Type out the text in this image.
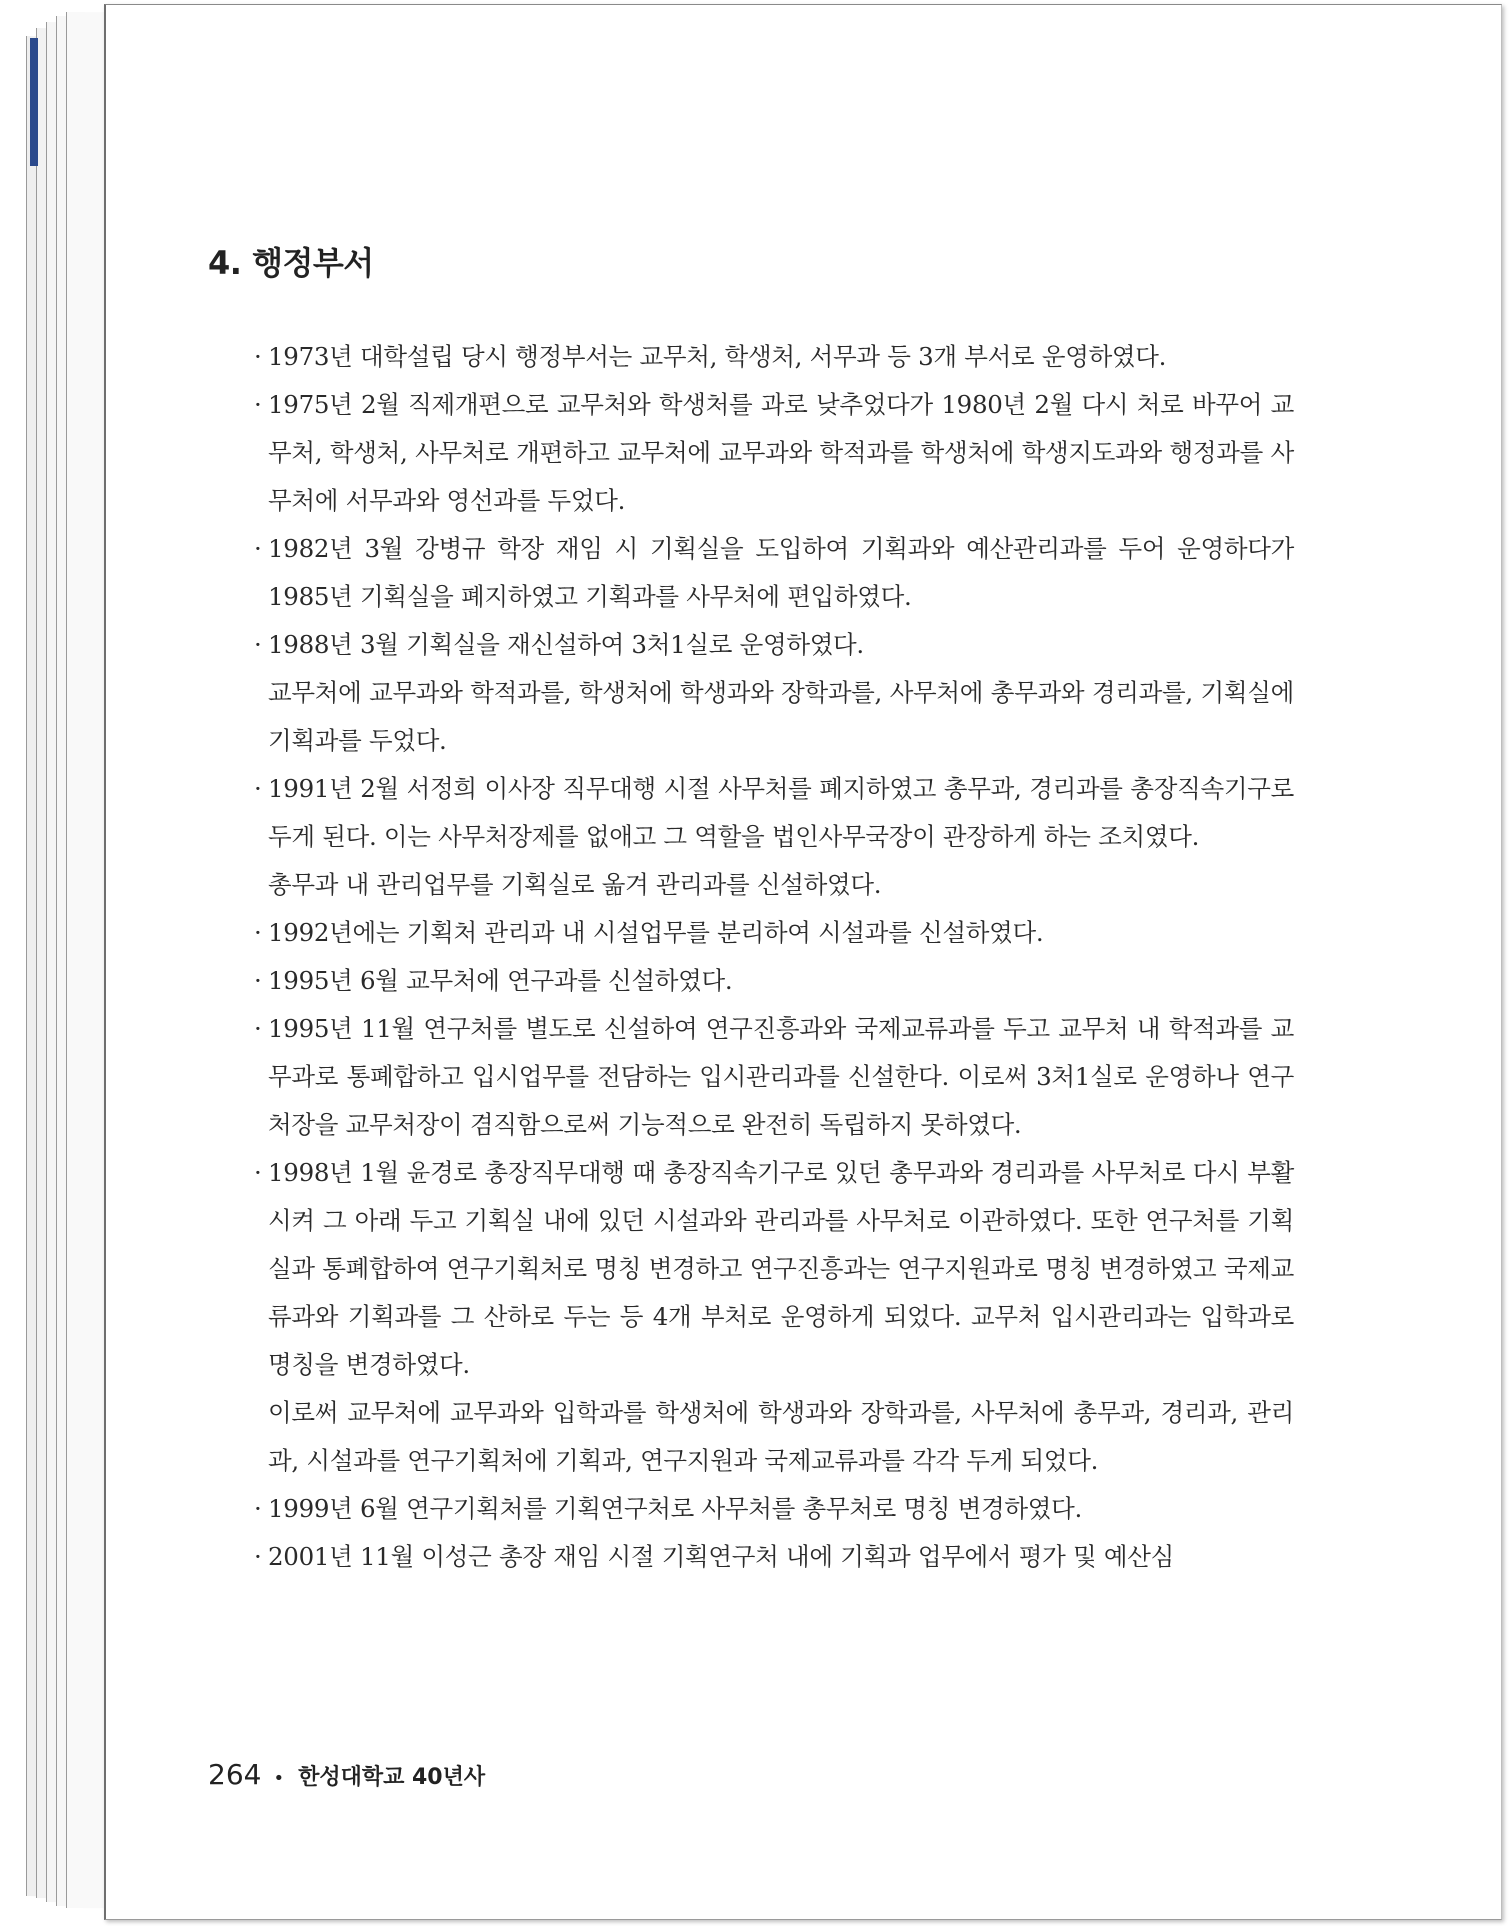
4. 행정부서

· 1973년 대학설립 당시 행정부서는 교무처, 학생처, 서무과 등 3개 부서로 운영하였다.

· 1975년 2월 직제개편으로 교무처와 학생처를 과로 낮추었다가 1980년 2월 다시 처로 바꾸어 교무처, 학생처, 사무처로 개편하고 교무처에 교무과와 학적과를 학생처에 학생지도과와 행정과를 사무처에 서무과와 영선과를 두었다.

· 1982년 3월 강병규 학장 재임 시 기획실을 도입하여 기획과와 예산관리과를 두어 운영하다가 1985년 기획실을 폐지하였고 기획과를 사무처에 편입하였다.

· 1988년 3월 기획실을 재신설하여 3처1실로 운영하였다.

교무처에 교무과와 학적과를, 학생처에 학생과와 장학과를, 사무처에 총무과와 경리과를, 기획실에 기획과를 두었다.

· 1991년 2월 서정희 이사장 직무대행 시절 사무처를 폐지하였고 총무과, 경리과를 총장직속기구로 두게 된다. 이는 사무처장제를 없애고 그 역할을 법인사무국장이 관장하게 하는 조치였다.

총무과 내 관리업무를 기획실로 옮겨 관리과를 신설하였다.

· 1992년에는 기획처 관리과 내 시설업무를 분리하여 시설과를 신설하였다.

· 1995년 6월 교무처에 연구과를 신설하였다.

· 1995년 11월 연구처를 별도로 신설하여 연구진흥과와 국제교류과를 두고 교무처 내 학적과를 교무과로 통폐합하고 입시업무를 전담하는 입시관리과를 신설한다. 이로써 3처1실로 운영하나 연구처장을 교무처장이 겸직함으로써 기능적으로 완전히 독립하지 못하였다.

· 1998년 1월 윤경로 총장직무대행 때 총장직속기구로 있던 총무과와 경리과를 사무처로 다시 부활시켜 그 아래 두고 기획실 내에 있던 시설과와 관리과를 사무처로 이관하였다. 또한 연구처를 기획실과 통폐합하여 연구기획처로 명칭 변경하고 연구진흥과는 연구지원과로 명칭 변경하였고 국제교류과와 기획과를 그 산하로 두는 등 4개 부처로 운영하게 되었다. 교무처 입시관리과는 입학과로 명칭을 변경하였다.

이로써 교무처에 교무과와 입학과를 학생처에 학생과와 장학과를, 사무처에 총무과, 경리과, 관리과, 시설과를 연구기획처에 기획과, 연구지원과 국제교류과를 각각 두게 되었다.

· 1999년 6월 연구기획처를 기획연구처로 사무처를 총무처로 명칭 변경하였다.

· 2001년 11월 이성근 총장 재임 시절 기획연구처 내에 기획과 업무에서 평가 및 예산심

264 • 한성대학교 40년사
